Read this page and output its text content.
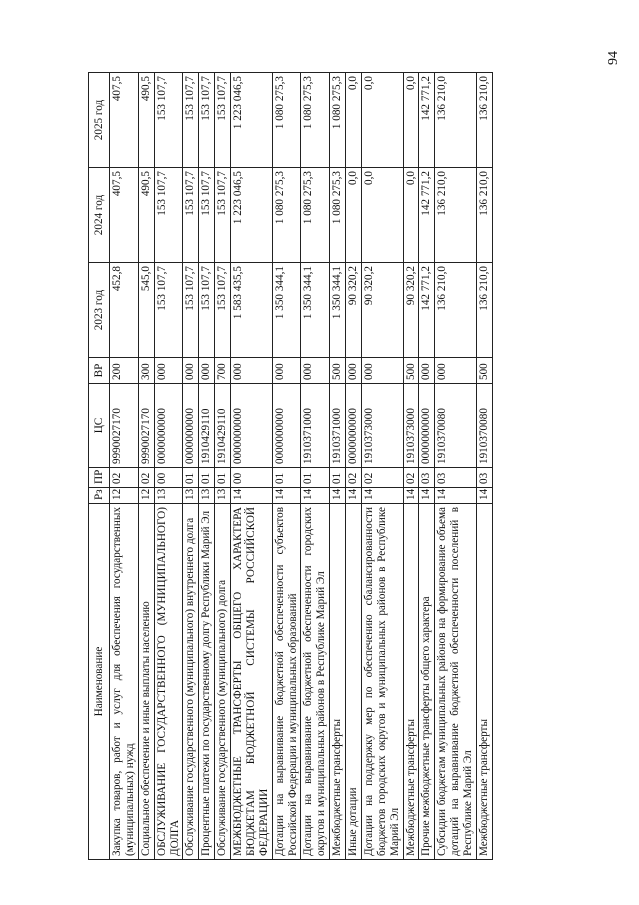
94
Наименование	Рз	ПР	ЦС	ВР	2023 год	2024 год	2025 год
Закупка товаров, работ и услуг для обеспечения государственных (муниципальных) нужд	12	02	9990027170	200	452,8	407,5	407,5
Социальное обеспечение и иные выплаты населению	12	02	9990027170	300	545,0	490,5	490,5
ОБСЛУЖИВАНИЕ ГОСУДАРСТВЕННОГО (МУНИЦИПАЛЬНОГО) ДОЛГА	13	00	0000000000	000	153 107,7	153 107,7	153 107,7
Обслуживание государственного (муниципального) внутреннего долга	13	01	0000000000	000	153 107,7	153 107,7	153 107,7
Процентные платежи по государственному долгу Республики Марий Эл	13	01	1910429110	000	153 107,7	153 107,7	153 107,7
Обслуживание государственного (муниципального) долга	13	01	1910429110	700	153 107,7	153 107,7	153 107,7
МЕЖБЮДЖЕТНЫЕ ТРАНСФЕРТЫ ОБЩЕГО ХАРАКТЕРА БЮДЖЕТАМ БЮДЖЕТНОЙ СИСТЕМЫ РОССИЙСКОЙ ФЕДЕРАЦИИ	14	00	0000000000	000	1 583 435,5	1 223 046,5	1 223 046,5
Дотации на выравнивание бюджетной обеспеченности субъектов Российской Федерации и муниципальных образований	14	01	0000000000	000	1 350 344,1	1 080 275,3	1 080 275,3
Дотации на выравнивание бюджетной обеспеченности городских округов и муниципальных районов в Республике Марий Эл	14	01	1910371000	000	1 350 344,1	1 080 275,3	1 080 275,3
Межбюджетные трансферты	14	01	1910371000	500	1 350 344,1	1 080 275,3	1 080 275,3
Иные дотации	14	02	0000000000	000	90 320,2	0,0	0,0
Дотации на поддержку мер по обеспечению сбалансированности бюджетов городских округов и муниципальных районов в Республике Марий Эл	14	02	1910373000	000	90 320,2	0,0	0,0
Межбюджетные трансферты	14	02	1910373000	500	90 320,2	0,0	0,0
Прочие межбюджетные трансферты общего характера	14	03	0000000000	000	142 771,2	142 771,2	142 771,2
Субсидии бюджетам муниципальных районов на формирование объема дотаций на выравнивание бюджетной обеспеченности поселений в Республике Марий Эл	14	03	1910370080	000	136 210,0	136 210,0	136 210,0
Межбюджетные трансферты	14	03	1910370080	500	136 210,0	136 210,0	136 210,0
